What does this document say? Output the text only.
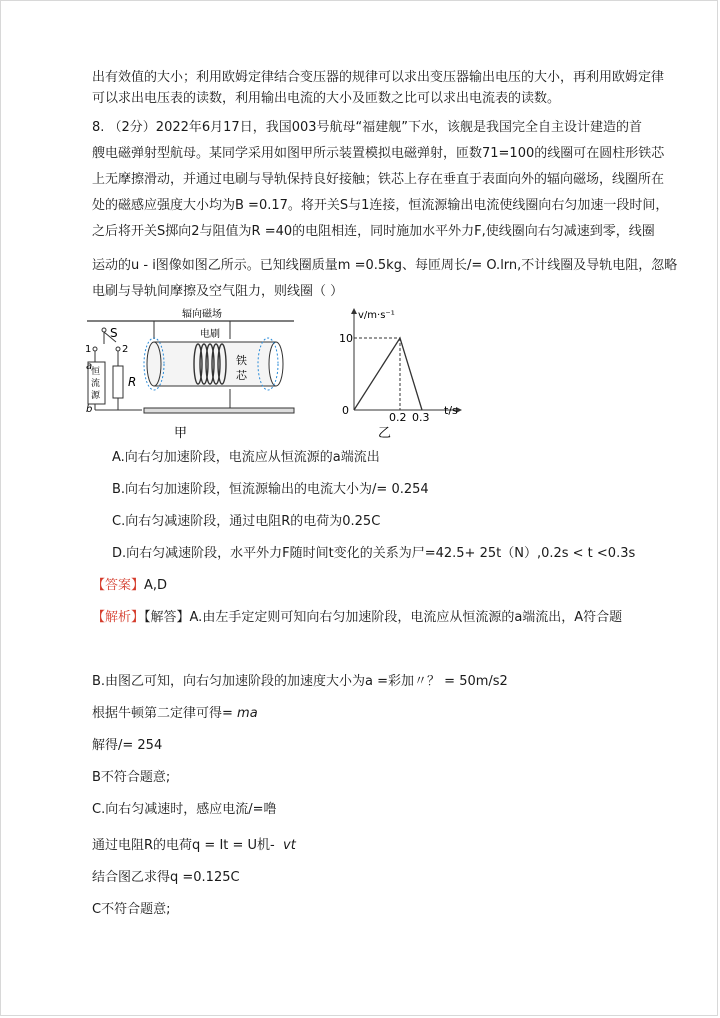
出有效值的大小；利用欧姆定律结合变压器的规律可以求出变压器输出电压的大小，再利用欧姆定律
可以求出电压表的读数，利用输出电流的大小及匝数之比可以求出电流表的读数。
8. （2分）2022年6月17日，我国003号航母“福建舰”下水，该舰是我国完全自主设计建造的首
艘电磁弹射型航母。某同学采用如图甲所示装置模拟电磁弹射，匝数71=100的线圈可在圆柱形铁芯
上无摩擦滑动，并通过电刷与导轨保持良好接触；铁芯上存在垂直于表面向外的辐向磁场，线圈所在
处的磁感应强度大小均为B =0.17。将开关S与1连接，恒流源输出电流使线圈向右匀加速一段时间，
之后将开关S掷向2与阻值为R =40的电阻相连，同时施加水平外力F,使线圈向右匀减速到零，线圈
运动的u - i图像如图乙所示。已知线圈质量m =0.5kg、每匝周长/= O.lrn,不计线圈及导轨电阻，忽略
电刷与导轨间摩擦及空气阻力，则线圈（ ）
辐向磁场
S
1	2
a
恒
流
源
R
b
电刷
铁
芯
甲
v/m·s⁻¹
10
0
0.2 0.3
t/s
乙
A.向右匀加速阶段，电流应从恒流源的a端流出
B.向右匀加速阶段，恒流源输出的电流大小为/= 0.254
C.向右匀减速阶段，通过电阻R的电荷为0.25C
D.向右匀减速阶段，水平外力F随时间t变化的关系为尸=42.5+ 25t（N）,0.2s < t <0.3s
【答案】A,D
【解析】【解答】A.由左手定定则可知向右匀加速阶段，电流应从恒流源的a端流出，A符合题
B.由图乙可知，向右匀加速阶段的加速度大小为a =彩加〃？ = 50m/s2
根据牛顿第二定律可得= ma
解得/= 254
B不符合题意;
C.向右匀减速时，感应电流/=噜
通过电阻R的电荷q = It = U机- vt
结合图乙求得q =0.125C
C不符合题意;
